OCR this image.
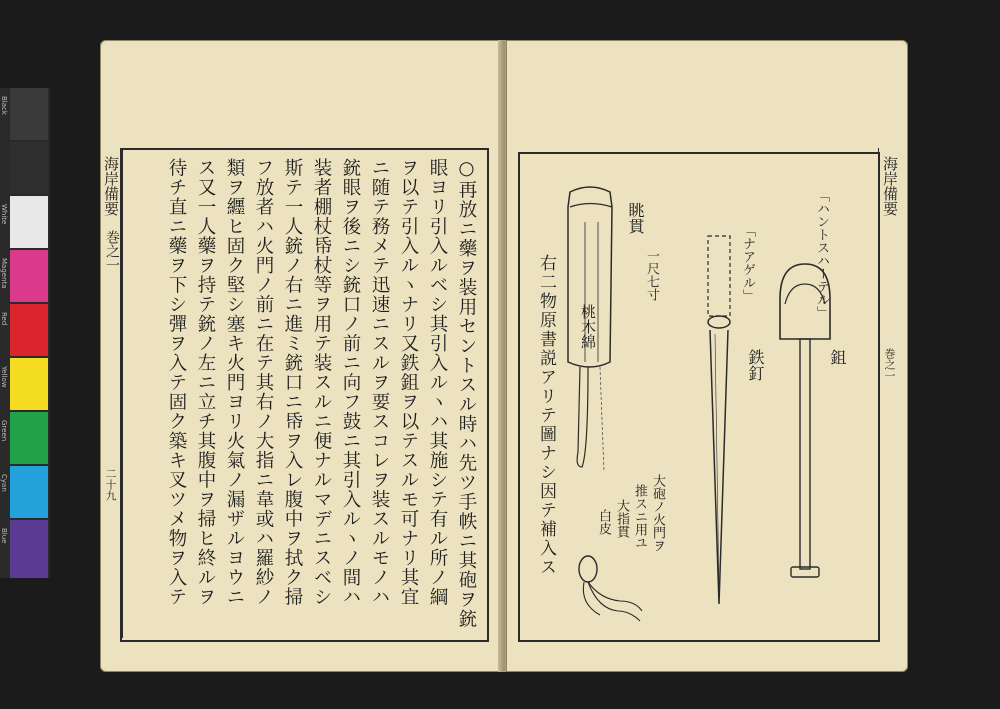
Black
White
Magenta
Red
Yellow
Green
Cyan
Blue
海岸備要
二十九
巻之一	○再放ニ藥ヲ装用セントスル時ハ先ツ手帙ニ其砲ヲ銃
眼ヨリ引入ルベシ其引入ルヽハ其施シテ有ル所ノ綱
ヲ以テ引入ルヽナリ又鉄鉏ヲ以テスルモ可ナリ其宜
ニ随テ務メテ迅速ニスルヲ要スコレヲ装スルモノハ
銃眼ヲ後ニシ銃口ノ前ニ向フ鼓ニ其引入ルヽノ間ハ
装者棚杖帋杖等ヲ用テ装スルニ便ナルマデニスベシ
斯テ一人銃ノ右ニ進ミ銃口ニ帋ヲ入レ腹中ヲ拭ク掃
フ放者ハ火門ノ前ニ在テ其右ノ大指ニ韋或ハ羅紗ノ
類ヲ纒ヒ固ク堅シ塞キ火門ヨリ火氣ノ漏ザルヨウニ
ス又一人藥ヲ持テ銃ノ左ニ立チ其腹中ヲ掃ヒ終ルヲ
待チ直ニ藥ヲ下シ彈ヲ入テ固ク築キ叉ツメ物ヲ入テ	右二物原書説アリテ圖ナシ因テ補入ス
眺貫
一尺七寸
桃木綿
大砲ノ火門ヲ
推スニ用ユ
大指貫
白皮
「ナアゲル」
鉄釘
「ハントスハーテル」
鉏
海岸備要
巻之一
